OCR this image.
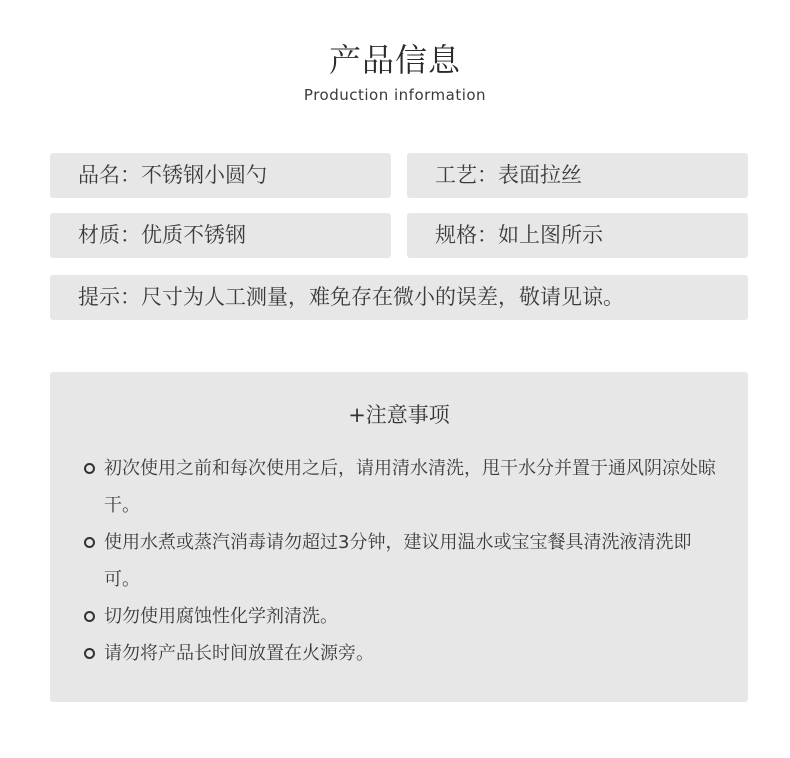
产品信息
Production information
品名：不锈钢小圆勺	工艺：表面拉丝
材质：优质不锈钢	规格：如上图所示
提示：尺寸为人工测量，难免存在微小的误差，敬请见谅。
+注意事项
初次使用之前和每次使用之后，请用清水清洗，甩干水分并置于通风阴凉处晾干。
使用水煮或蒸汽消毒请勿超过3分钟，建议用温水或宝宝餐具清洗液清洗即可。
切勿使用腐蚀性化学剂清洗。
请勿将产品长时间放置在火源旁。
